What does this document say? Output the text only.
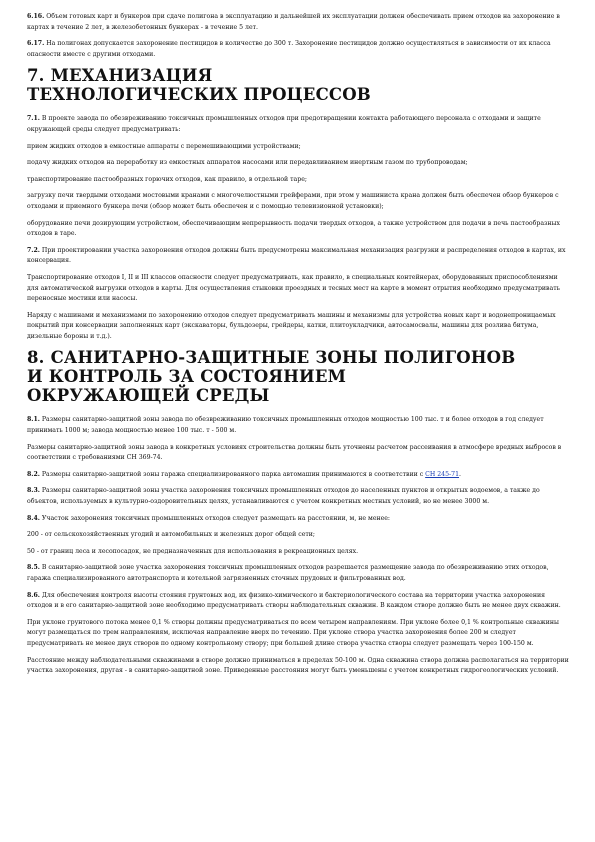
6.16. Объем готовых карт и бункеров при сдаче полигона в эксплуатацию и дальнейшей их эксплуатации должен обеспечивать прием отходов на захоронение в картах в течение 2 лет, в железобетонных бункерах - в течение 5 лет.

6.17. На полигонах допускается захоронение пестицидов в количестве до 300 т. Захоронение пестицидов должно осуществляться в зависимости от их класса опасности вместе с другими отходами.

7. МЕХАНИЗАЦИЯ
ТЕХНОЛОГИЧЕСКИХ ПРОЦЕССОВ

7.1. В проекте завода по обезвреживанию токсичных промышленных отходов при предотвращении контакта работающего персонала с отходами и защите окружающей среды следует предусматривать:

прием жидких отходов в емкостные аппараты с перемешивающими устройствами;

подачу жидких отходов на переработку из емкостных аппаратов насосами или передавливанием инертным газом по трубопроводам;

транспортирование пастообразных горючих отходов, как правило, в отдельной таре;

загрузку печи твердыми отходами мостовыми кранами с многочелюстными грейферами, при этом у машиниста крана должен быть обеспечен обзор бункеров с отходами и приемного бункера печи (обзор может быть обеспечен и с помощью телевизионной установки);

оборудование печи дозирующим устройством, обеспечивающим непрерывность подачи твердых отходов, а также устройством для подачи в печь пастообразных отходов в таре.

7.2. При проектировании участка захоронения отходов должны быть предусмотрены максимальная механизация разгрузки и распределения отходов в картах, их консервация.

Транспортирование отходов I, II и III классов опасности следует предусматривать, как правило, в специальных контейнерах, оборудованных приспособлениями для автоматической выгрузки отходов в карты. Для осуществления стыковки проездных и тесных мест на карте в момент отрытия необходимо предусматривать переносные мостики или насосы.

Наряду с машинами и механизмами по захоронению отходов следует предусматривать машины и механизмы для устройства новых карт и водонепроницаемых покрытий при консервации заполненных карт (экскаваторы, бульдозеры, грейдеры, катки, плитоукладчики, автосамосвалы, машины для розлива битума, дизельные бороны и т.д.).

8. САНИТАРНО-ЗАЩИТНЫЕ ЗОНЫ ПОЛИГОНОВ
И КОНТРОЛЬ ЗА СОСТОЯНИЕМ
ОКРУЖАЮЩЕЙ СРЕДЫ

8.1. Размеры санитарно-защитной зоны завода по обезвреживанию токсичных промышленных отходов мощностью 100 тыс. т и более отходов в год следует принимать 1000 м; завода мощностью менее 100 тыс. т - 500 м.

Размеры санитарно-защитной зоны завода в конкретных условиях строительства должны быть уточнены расчетом рассеивания в атмосфере вредных выбросов в соответствии с требованиями СН 369-74.

8.2. Размеры санитарно-защитной зоны гаража специализированного парка автомашин принимаются в соответствии с СН 245-71.

8.3. Размеры санитарно-защитной зоны участка захоронения токсичных промышленных отходов до населенных пунктов и открытых водоемов, а также до объектов, используемых в культурно-оздоровительных целях, устанавливаются с учетом конкретных местных условий, но не менее 3000 м.

8.4. Участок захоронения токсичных промышленных отходов следует размещать на расстоянии, м, не менее:

200 - от сельскохозяйственных угодий и автомобильных и железных дорог общей сети;

50 - от границ леса и лесопосадок, не предназначенных для использования в рекреационных целях.

8.5. В санитарно-защитной зоне участка захоронения токсичных промышленных отходов разрешается размещение завода по обезвреживанию этих отходов, гаража специализированного автотранспорта и котельной загрязненных сточных прудовых и фильтрованных вод.

8.6. Для обеспечения контроля высоты стояния грунтовых вод, их физико-химического и бактериологического состава на территории участка захоронения отходов и в его санитарно-защитной зоне необходимо предусматривать створы наблюдательных скважин. В каждом створе должно быть не менее двух скважин.

При уклоне грунтового потока менее 0,1 % створы должны предусматриваться по всем четырем направлениям. При уклоне более 0,1 % контрольные скважины могут размещаться по трем направлениям, исключая направление вверх по течению. При уклоне створа участка захоронения более 200 м следует предусматривать не менее двух створов по одному контрольному створу; при большей длине створа участка створы следует размещать через 100-150 м.

Расстояние между наблюдательными скважинами в створе должно приниматься в пределах 50-100 м. Одна скважина створа должна располагаться на территории участка захоронения, другая - в санитарно-защитной зоне. Приведенные расстояния могут быть уменьшены с учетом конкретных гидрогеологических условий.
